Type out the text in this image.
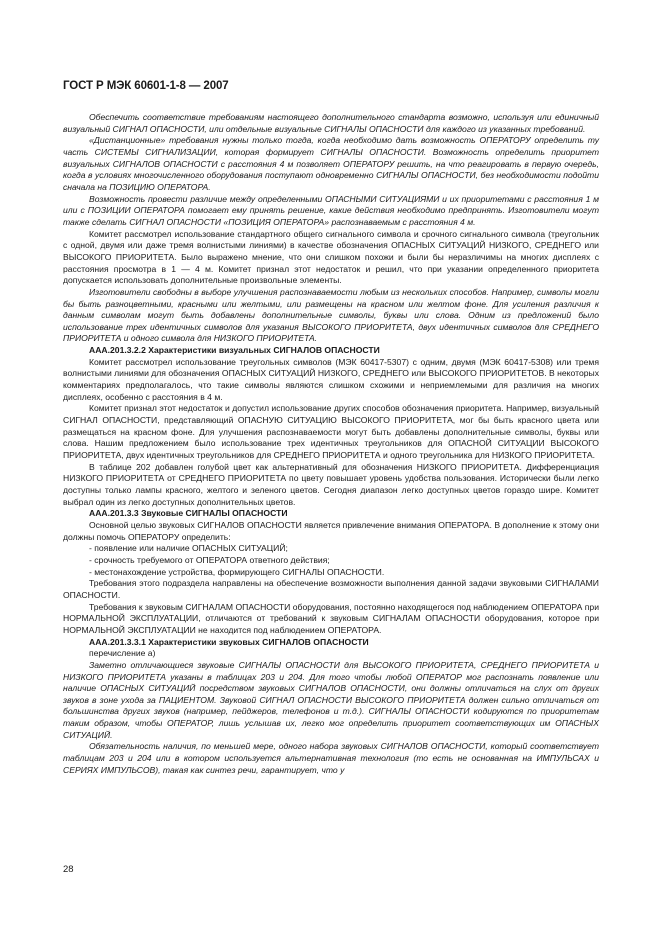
ГОСТ Р МЭК 60601-1-8 — 2007

Обеспечить соответствие требованиям настоящего дополнительного стандарта возможно, используя или единичный визуальный СИГНАЛ ОПАСНОСТИ, или отдельные визуальные СИГНАЛЫ ОПАСНОСТИ для каждого из указанных требований.

«Дистанционные» требования нужны только тогда, когда необходимо дать возможность ОПЕРАТОРУ определить ту часть СИСТЕМЫ СИГНАЛИЗАЦИИ, которая формирует СИГНАЛЫ ОПАСНОСТИ. Возможность определить приоритет визуальных СИГНАЛОВ ОПАСНОСТИ с расстояния 4 м позволяет ОПЕРАТОРУ решить, на что реагировать в первую очередь, когда в условиях многочисленного оборудования поступают одновременно СИГНАЛЫ ОПАСНОСТИ, без необходимости подойти сначала на ПОЗИЦИЮ ОПЕРАТОРА.

Возможность провести различие между определенными ОПАСНЫМИ СИТУАЦИЯМИ и их приоритетами с расстояния 1 м или с ПОЗИЦИИ ОПЕРАТОРА помогает ему принять решение, какие действия необходимо предпринять. Изготовители могут также сделать СИГНАЛ ОПАСНОСТИ «ПОЗИЦИЯ ОПЕРАТОРА» распознаваемым с расстояния 4 м.

Комитет рассмотрел использование стандартного общего сигнального символа и срочного сигнального символа (треугольник с одной, двумя или даже тремя волнистыми линиями) в качестве обозначения ОПАСНЫХ СИТУАЦИЙ НИЗКОГО, СРЕДНЕГО или ВЫСОКОГО ПРИОРИТЕТА. Было выражено мнение, что они слишком похожи и были бы неразличимы на многих дисплеях с расстояния просмотра в 1 — 4 м. Комитет признал этот недостаток и решил, что при указании определенного приоритета допускается использовать дополнительные произвольные элементы.

Изготовители свободны в выборе улучшения распознаваемости любым из нескольких способов. Например, символы могли бы быть разноцветными, красными или желтыми, или размещены на красном или желтом фоне. Для усиления различия к данным символам могут быть добавлены дополнительные символы, буквы или слова. Одним из предложений было использование трех идентичных символов для указания ВЫСОКОГО ПРИОРИТЕТА, двух идентичных символов для СРЕДНЕГО ПРИОРИТЕТА и одного символа для НИЗКОГО ПРИОРИТЕТА.

ААА.201.3.2.2 Характеристики визуальных СИГНАЛОВ ОПАСНОСТИ

Комитет рассмотрел использование треугольных символов (МЭК 60417-5307) с одним, двумя (МЭК 60417-5308) или тремя волнистыми линиями для обозначения ОПАСНЫХ СИТУАЦИЙ НИЗКОГО, СРЕДНЕГО или ВЫСОКОГО ПРИОРИТЕТОВ. В некоторых комментариях предполагалось, что такие символы являются слишком схожими и неприемлемыми для различия на многих дисплеях, особенно с расстояния в 4 м.

Комитет признал этот недостаток и допустил использование других способов обозначения приоритета. Например, визуальный СИГНАЛ ОПАСНОСТИ, представляющий ОПАСНУЮ СИТУАЦИЮ ВЫСОКОГО ПРИОРИТЕТА, мог бы быть красного цвета или размещаться на красном фоне. Для улучшения распознаваемости могут быть добавлены дополнительные символы, буквы или слова. Нашим предложением было использование трех идентичных треугольников для ОПАСНОЙ СИТУАЦИИ ВЫСОКОГО ПРИОРИТЕТА, двух идентичных треугольников для СРЕДНЕГО ПРИОРИТЕТА и одного треугольника для НИЗКОГО ПРИОРИТЕТА.

В таблице 202 добавлен голубой цвет как альтернативный для обозначения НИЗКОГО ПРИОРИТЕТА. Дифференциация НИЗКОГО ПРИОРИТЕТА от СРЕДНЕГО ПРИОРИТЕТА по цвету повышает уровень удобства пользования. Исторически были легко доступны только лампы красного, желтого и зеленого цветов. Сегодня диапазон легко доступных цветов гораздо шире. Комитет выбрал один из легко доступных дополнительных цветов.

ААА.201.3.3 Звуковые СИГНАЛЫ ОПАСНОСТИ

Основной целью звуковых СИГНАЛОВ ОПАСНОСТИ является привлечение внимания ОПЕРАТОРА. В дополнение к этому они должны помочь ОПЕРАТОРУ определить:

- появление или наличие ОПАСНЫХ СИТУАЦИЙ;

- срочность требуемого от ОПЕРАТОРА ответного действия;

- местонахождение устройства, формирующего СИГНАЛЫ ОПАСНОСТИ.

Требования этого подраздела направлены на обеспечение возможности выполнения данной задачи звуковыми СИГНАЛАМИ ОПАСНОСТИ.

Требования к звуковым СИГНАЛАМ ОПАСНОСТИ оборудования, постоянно находящегося под наблюдением ОПЕРАТОРА при НОРМАЛЬНОЙ ЭКСПЛУАТАЦИИ, отличаются от требований к звуковым СИГНАЛАМ ОПАСНОСТИ оборудования, которое при НОРМАЛЬНОЙ ЭКСПЛУАТАЦИИ не находится под наблюдением ОПЕРАТОРА.

ААА.201.3.3.1 Характеристики звуковых СИГНАЛОВ ОПАСНОСТИ

перечисление а)

Заметно отличающиеся звуковые СИГНАЛЫ ОПАСНОСТИ для ВЫСОКОГО ПРИОРИТЕТА, СРЕДНЕГО ПРИОРИТЕТА и НИЗКОГО ПРИОРИТЕТА указаны в таблицах 203 и 204. Для того чтобы любой ОПЕРАТОР мог распознать появление или наличие ОПАСНЫХ СИТУАЦИЙ посредством звуковых СИГНАЛОВ ОПАСНОСТИ, они должны отличаться на слух от других звуков в зоне ухода за ПАЦИЕНТОМ. Звуковой СИГНАЛ ОПАСНОСТИ ВЫСОКОГО ПРИОРИТЕТА должен сильно отличаться от большинства других звуков (например, пейджеров, телефонов и т.д.). СИГНАЛЫ ОПАСНОСТИ кодируются по приоритетам таким образом, чтобы ОПЕРАТОР, лишь услышав их, легко мог определить приоритет соответствующих им ОПАСНЫХ СИТУАЦИЙ.

Обязательность наличия, по меньшей мере, одного набора звуковых СИГНАЛОВ ОПАСНОСТИ, который соответствует таблицам 203 и 204 или в котором используется альтернативная технология (то есть не основанная на ИМПУЛЬСАХ и СЕРИЯХ ИМПУЛЬСОВ), такая как синтез речи, гарантирует, что у

28
